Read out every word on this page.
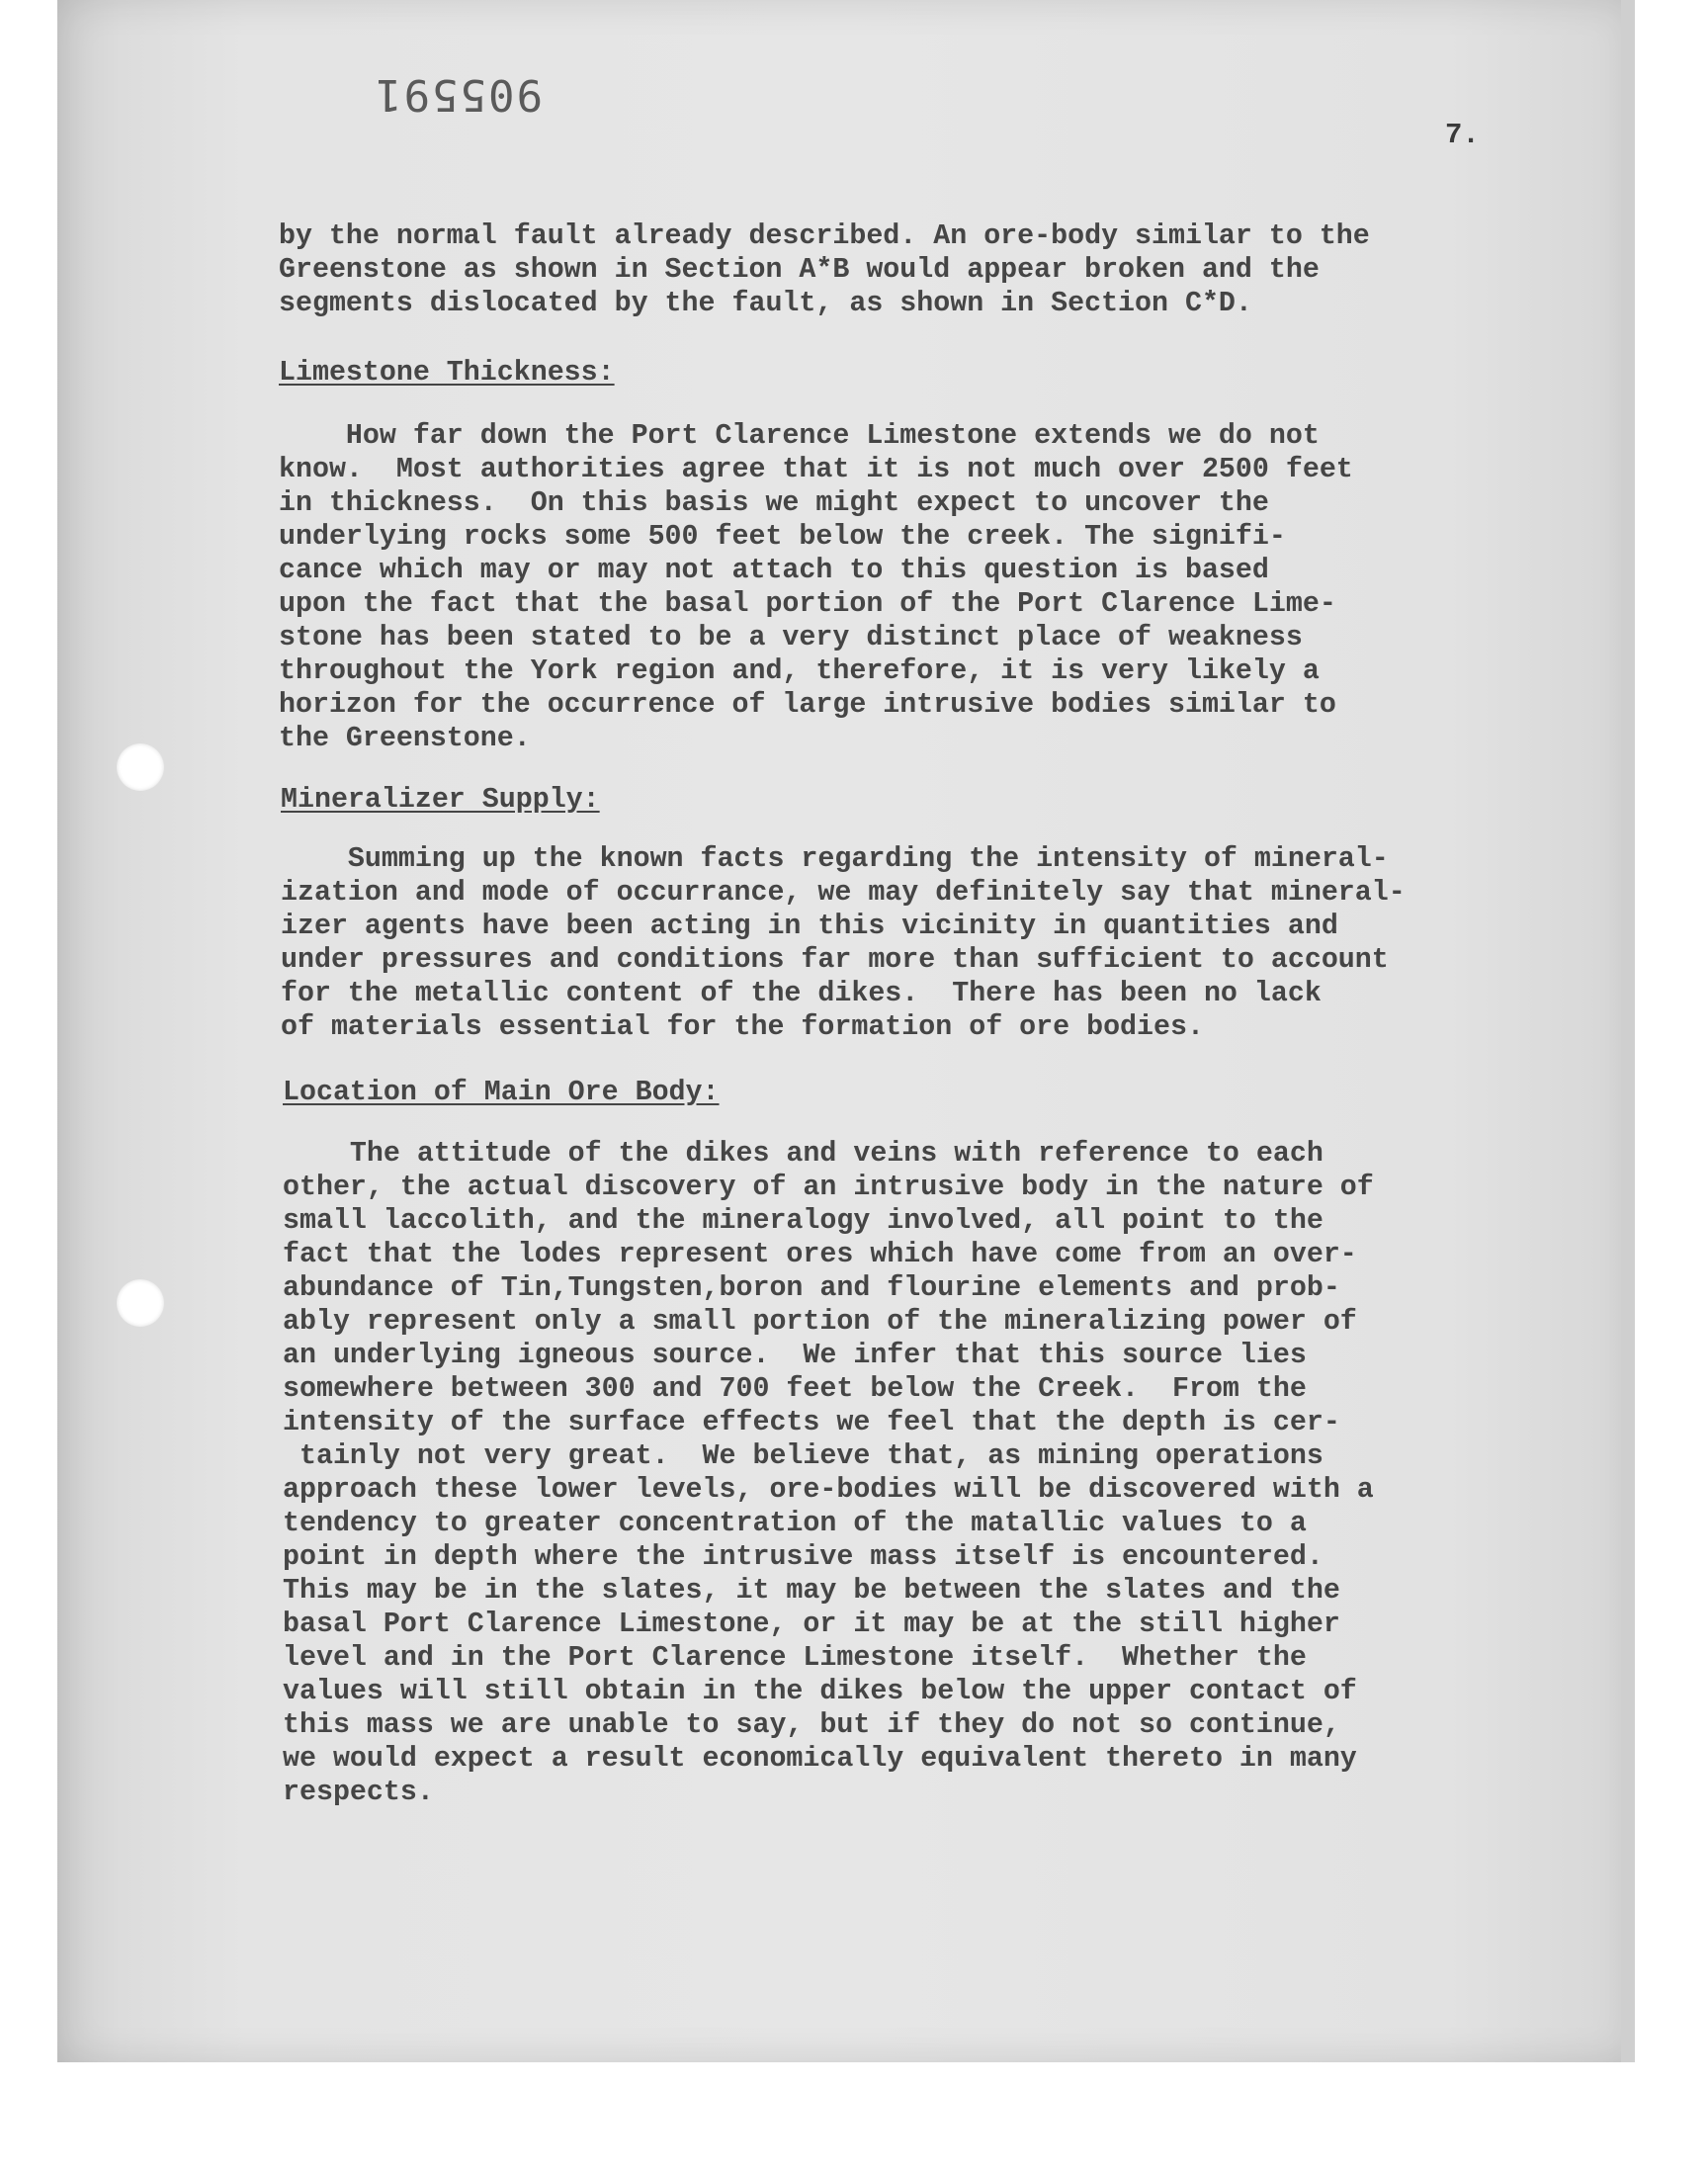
905591
7.
by the normal fault already described. An ore-body similar to the
Greenstone as shown in Section A*B would appear broken and the
segments dislocated by the fault, as shown in Section C*D.
Limestone Thickness:
How far down the Port Clarence Limestone extends we do not
know.  Most authorities agree that it is not much over 2500 feet
in thickness.  On this basis we might expect to uncover the
underlying rocks some 500 feet below the creek. The signifi-
cance which may or may not attach to this question is based
upon the fact that the basal portion of the Port Clarence Lime-
stone has been stated to be a very distinct place of weakness
throughout the York region and, therefore, it is very likely a
horizon for the occurrence of large intrusive bodies similar to
the Greenstone.
Mineralizer Supply:
Summing up the known facts regarding the intensity of mineral-
ization and mode of occurrance, we may definitely say that mineral-
izer agents have been acting in this vicinity in quantities and
under pressures and conditions far more than sufficient to account
for the metallic content of the dikes.  There has been no lack
of materials essential for the formation of ore bodies.
Location of Main Ore Body:
The attitude of the dikes and veins with reference to each
other, the actual discovery of an intrusive body in the nature of
small laccolith, and the mineralogy involved, all point to the
fact that the lodes represent ores which have come from an over-
abundance of Tin,Tungsten,boron and flourine elements and prob-
ably represent only a small portion of the mineralizing power of
an underlying igneous source.  We infer that this source lies
somewhere between 300 and 700 feet below the Creek.  From the
intensity of the surface effects we feel that the depth is cer-
tainly not very great.  We believe that, as mining operations
approach these lower levels, ore-bodies will be discovered with a
tendency to greater concentration of the matallic values to a
point in depth where the intrusive mass itself is encountered.
This may be in the slates, it may be between the slates and the
basal Port Clarence Limestone, or it may be at the still higher
level and in the Port Clarence Limestone itself.  Whether the
values will still obtain in the dikes below the upper contact of
this mass we are unable to say, but if they do not so continue,
we would expect a result economically equivalent thereto in many
respects.
